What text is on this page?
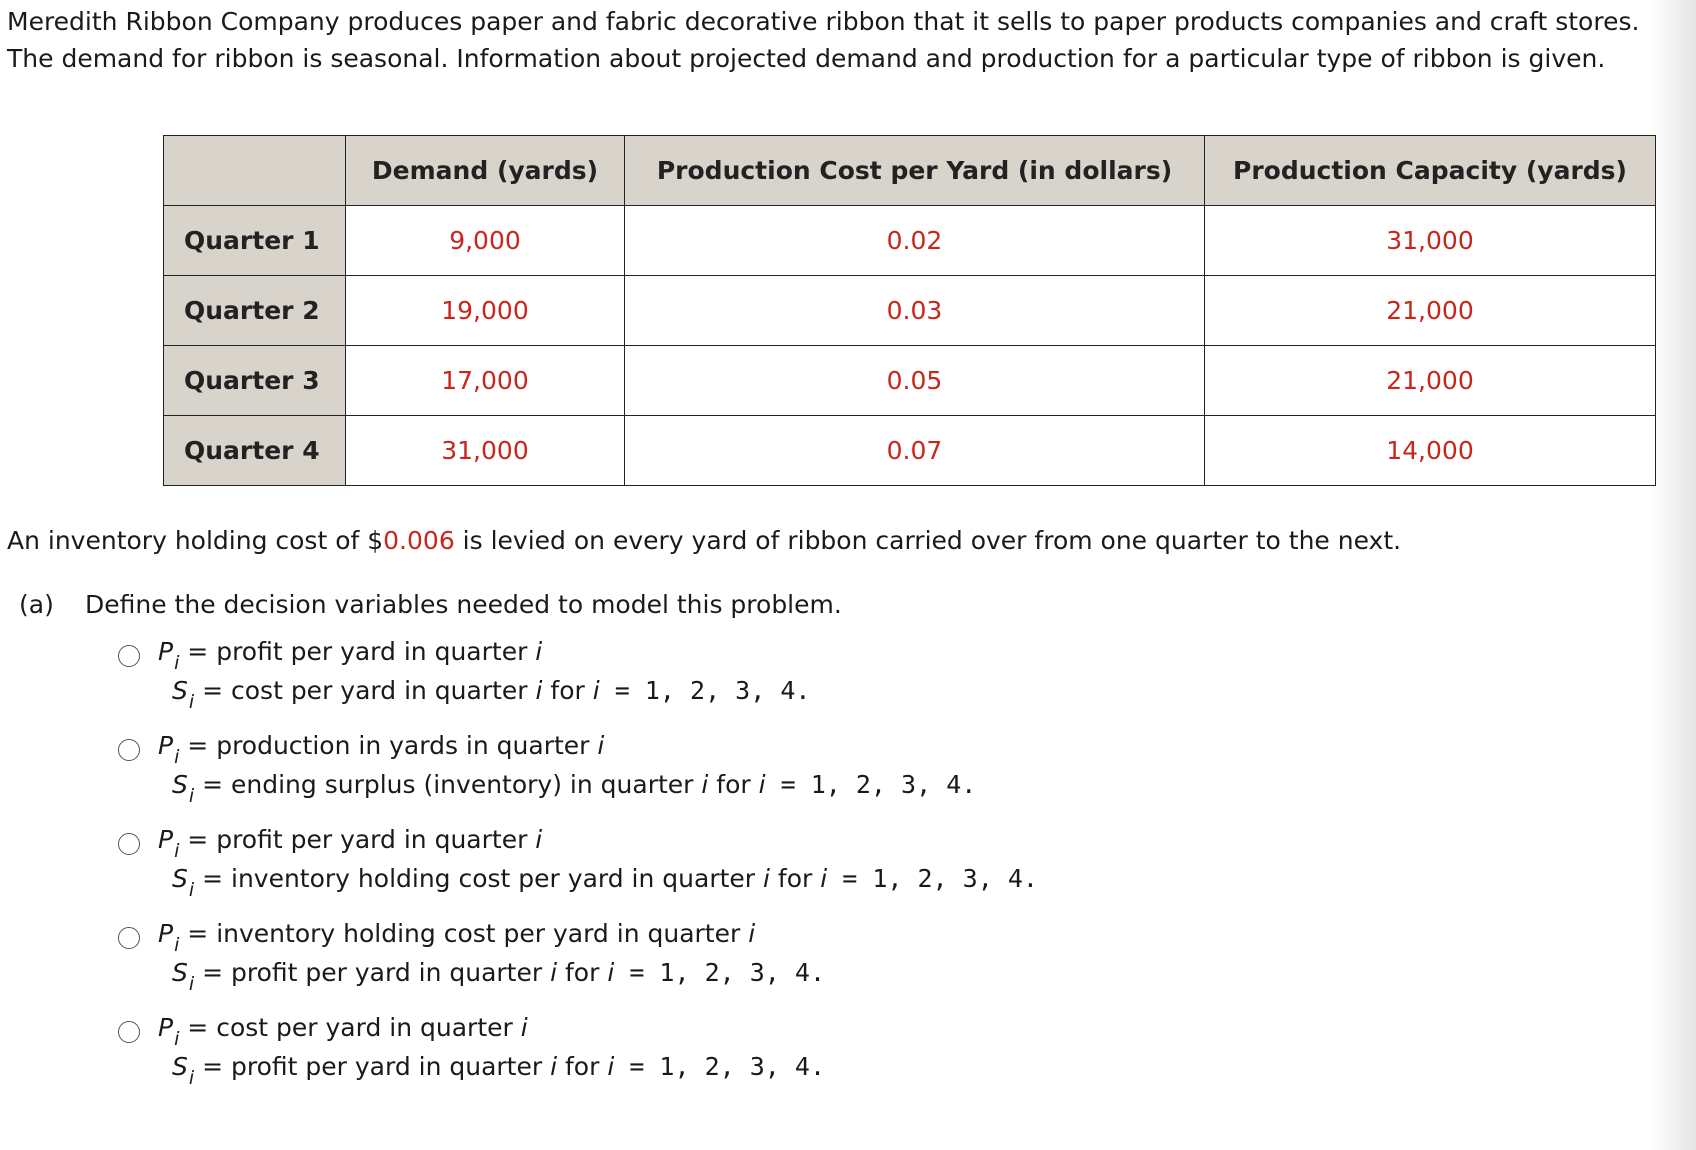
Meredith Ribbon Company produces paper and fabric decorative ribbon that it sells to paper products companies and craft stores. The demand for ribbon is seasonal. Information about projected demand and production for a particular type of ribbon is given.

	Demand (yards)	Production Cost per Yard (in dollars)	Production Capacity (yards)
Quarter 1	9,000	0.02	31,000
Quarter 2	19,000	0.03	21,000
Quarter 3	17,000	0.05	21,000
Quarter 4	31,000	0.07	14,000

An inventory holding cost of $0.006 is levied on every yard of ribbon carried over from one quarter to the next.

(a) Define the decision variables needed to model this problem.

$P_i$ = profit per yard in quarter i
$S_i = \cos t$ per yard in quarter i for i = 1, 2, 3, 4.
$P_i$ = production in yards in quarter i
$S_i$ = ending surplus (inventory) in quarter i for i = 1, 2, 3, 4.
$P_i$ = profit per yard in quarter i
$S_i$ = inventory holding cost per yard in quarter i for i = 1, 2, 3, 4.
$P_i$ = inventory holding cost per yard in quarter i
$S_i$ = profit per yard in quarter i for i = 1, 2, 3, 4.
$P_i = \cos t$ per yard in quarter i
$S_i$ = profit per yard in quarter i for i = 1, 2, 3, 4.
